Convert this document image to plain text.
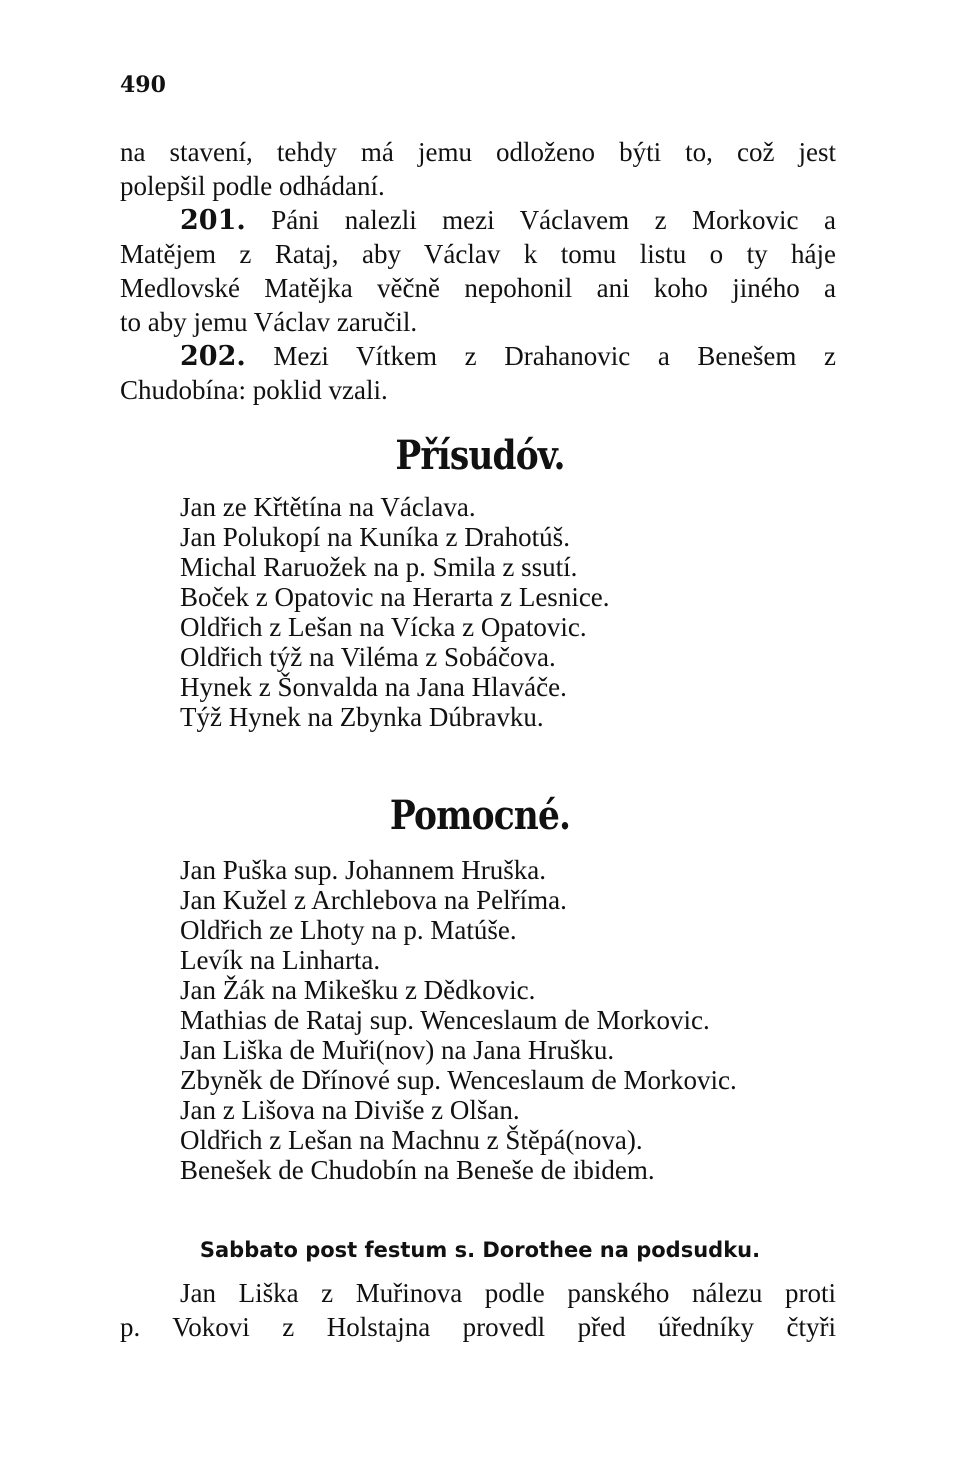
490
na stavení, tehdy má jemu odloženo býti to, což jest
polepšil podle odhádaní.
201. Páni nalezli mezi Václavem z Morkovic a
Matějem z Rataj, aby Václav k tomu listu o ty háje
Medlovské Matějka věčně nepohonil ani koho jiného a
to aby jemu Václav zaručil.
202. Mezi Vítkem z Drahanovic a Benešem z
Chudobína: poklid vzali.
Přísudóv.
Jan ze Křtětína na Václava.
Jan Polukopí na Kuníka z Drahotúš.
Michal Raruožek na p. Smila z ssutí.
Boček z Opatovic na Herarta z Lesnice.
Oldřich z Lešan na Vícka z Opatovic.
Oldřich týž na Viléma z Sobáčova.
Hynek z Šonvalda na Jana Hlaváče.
Týž Hynek na Zbynka Dúbravku.
Pomocné.
Jan Puška sup. Johannem Hruška.
Jan Kužel z Archlebova na Pelříma.
Oldřich ze Lhoty na p. Matúše.
Levík na Linharta.
Jan Žák na Mikešku z Dědkovic.
Mathias de Rataj sup. Wenceslaum de Morkovic.
Jan Liška de Muři(nov) na Jana Hrušku.
Zbyněk de Dřínové sup. Wenceslaum de Morkovic.
Jan z Lišova na Diviše z Olšan.
Oldřich z Lešan na Machnu z Štěpá(nova).
Benešek de Chudobín na Beneše de ibidem.
Sabbato post festum s. Dorothee na podsudku.
Jan Liška z Muřinova podle panského nálezu proti
p. Vokovi z Holstajna provedl před úředníky čtyři
